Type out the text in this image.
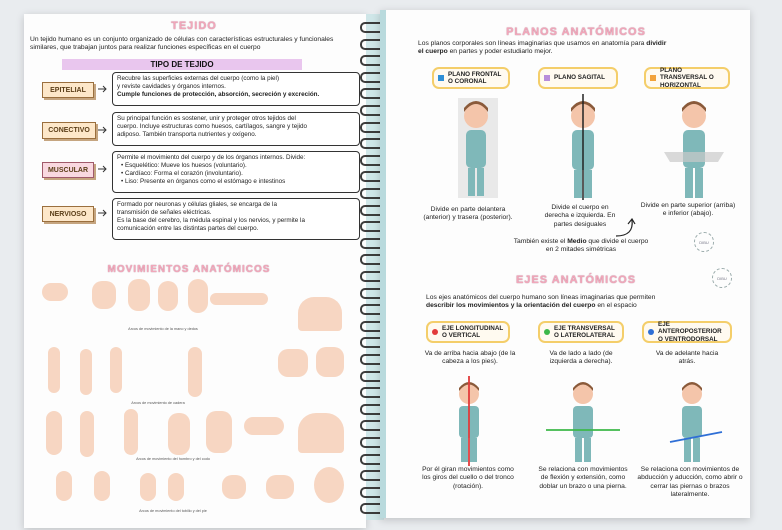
TEJIDO
Un tejido humano es un conjunto organizado de células con características estructurales y funcionales similares, que trabajan juntos para realizar funciones específicas en el cuerpo
TIPO DE TEJIDO
EPITELIAL
Recubre las superficies externas del cuerpo (como la piel)
y reviste cavidades y órganos internos.
Cumple funciones de protección, absorción, secreción y excreción.
CONECTIVO
Su principal función es sostener, unir y proteger otros tejidos del
cuerpo. Incluye estructuras como huesos, cartílagos, sangre y tejido
adiposo. También transporta nutrientes y oxígeno.
MUSCULAR
Permite el movimiento del cuerpo y de los órganos internos. Divide:
• Esquelético: Mueve los huesos (voluntario).
• Cardíaco: Forma el corazón (involuntario).
• Liso: Presente en órganos como el estómago e intestinos
NERVIOSO
Formado por neuronas y células gliales, se encarga de la
transmisión de señales eléctricas.
Es la base del cerebro, la médula espinal y los nervios, y permite la
comunicación entre las distintas partes del cuerpo.
MOVIMIENTOS ANATÓMICOS
Arcos de movimiento de la mano y dedos
Arcos de movimiento de cadera
Arcos de movimiento del hombro y del codo
Arcos de movimiento del tobillo y del pie
PLANOS ANATÓMICOS
Los planos corporales son líneas imaginarias que usamos en anatomía para dividir
el cuerpo en partes y poder estudiarlo mejor.
PLANO FRONTAL O CORONAL
PLANO SAGITAL
PLANO TRANSVERSAL O HORIZONTAL
Divide en parte delantera (anterior) y trasera (posterior).
Divide el cuerpo en derecha e izquierda. En partes desiguales
Divide en parte superior (arriba) e inferior (abajo).
También existe el Medio que divide el cuerpo en 2 mitades simétricas
DIBU
EJES ANATÓMICOS	DIBU
Los ejes anatómicos del cuerpo humano son líneas imaginarias que permiten
describir los movimientos y la orientación del cuerpo en el espacio
EJE LONGITUDINAL O VERTICAL
EJE TRANSVERSAL O LATEROLATERAL
EJE ANTEROPOSTERIOR O VENTRODORSAL
Va de arriba hacia abajo (de la cabeza a los pies).
Va de lado a lado (de izquierda a derecha).
Va de adelante hacia atrás.
Por él giran movimientos como los giros del cuello o del tronco (rotación).
Se relaciona con movimientos de flexión y extensión, como doblar un brazo o una pierna.
Se relaciona con movimientos de abducción y aducción, como abrir o cerrar las piernas o brazos lateralmente.
